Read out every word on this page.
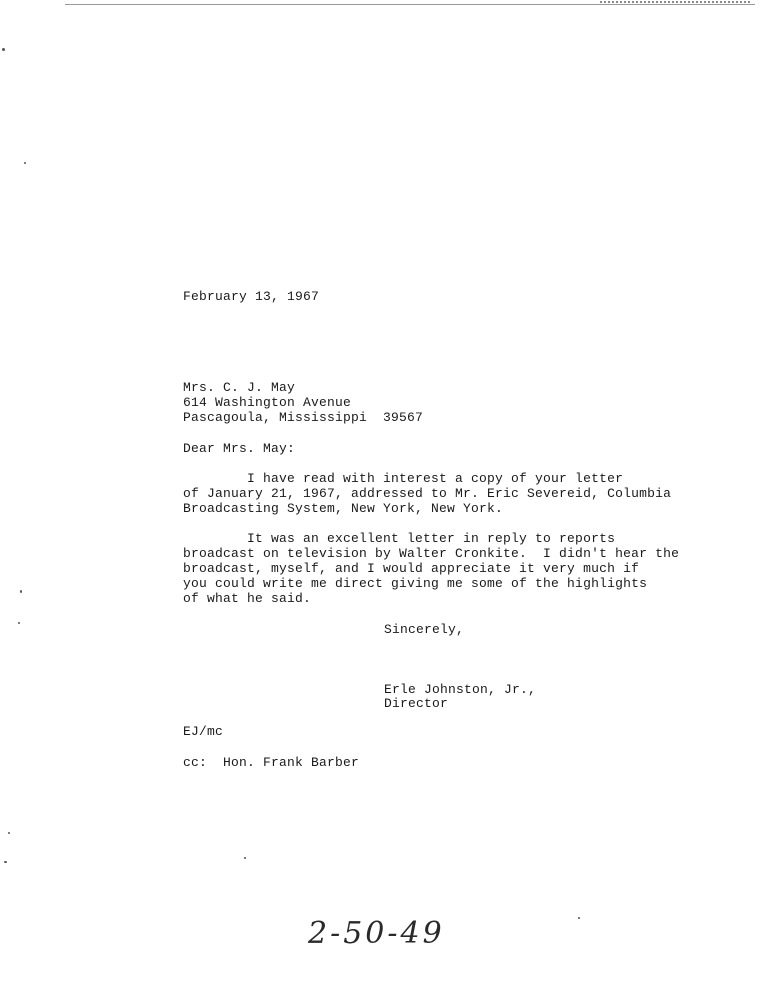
February 13, 1967
Mrs. C. J. May
614 Washington Avenue
Pascagoula, Mississippi  39567
Dear Mrs. May:
I have read with interest a copy of your letter
of January 21, 1967, addressed to Mr. Eric Severeid, Columbia
Broadcasting System, New York, New York.
It was an excellent letter in reply to reports
broadcast on television by Walter Cronkite.  I didn't hear the
broadcast, myself, and I would appreciate it very much if
you could write me direct giving me some of the highlights
of what he said.
Sincerely,
Erle Johnston, Jr.,
Director
EJ/mc
cc:  Hon. Frank Barber
2-50-49
